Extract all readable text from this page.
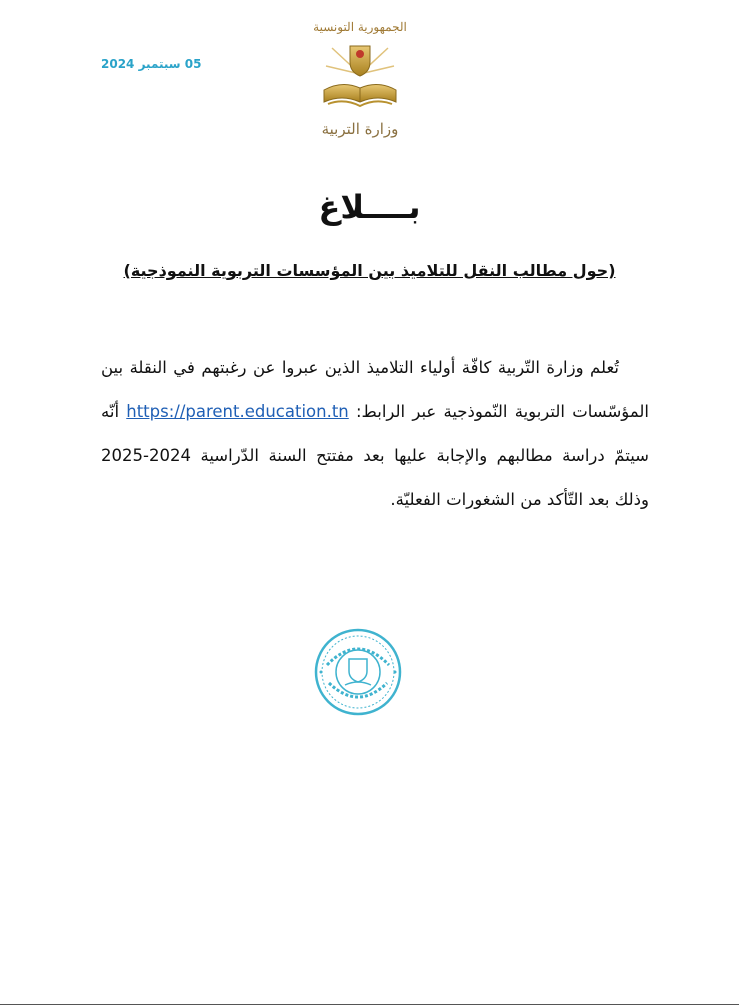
05 سبتمبر 2024
الجمهورية التونسية
وزارة التربية
بــــلاغ
(حول مطالب النقل للتلاميذ بين المؤسسات التربوية النموذجية)
تُعلم وزارة التّربية كافّة أولياء التلاميذ الذين عبروا عن رغبتهم في النقلة بين المؤسّسات التربوية النّموذجية عبر الرابط: https://parent.education.tn أنّه سيتمّ دراسة مطالبهم والإجابة عليها بعد مفتتح السنة الدّراسية 2024-2025 وذلك بعد التّأكد من الشغورات الفعليّة.
